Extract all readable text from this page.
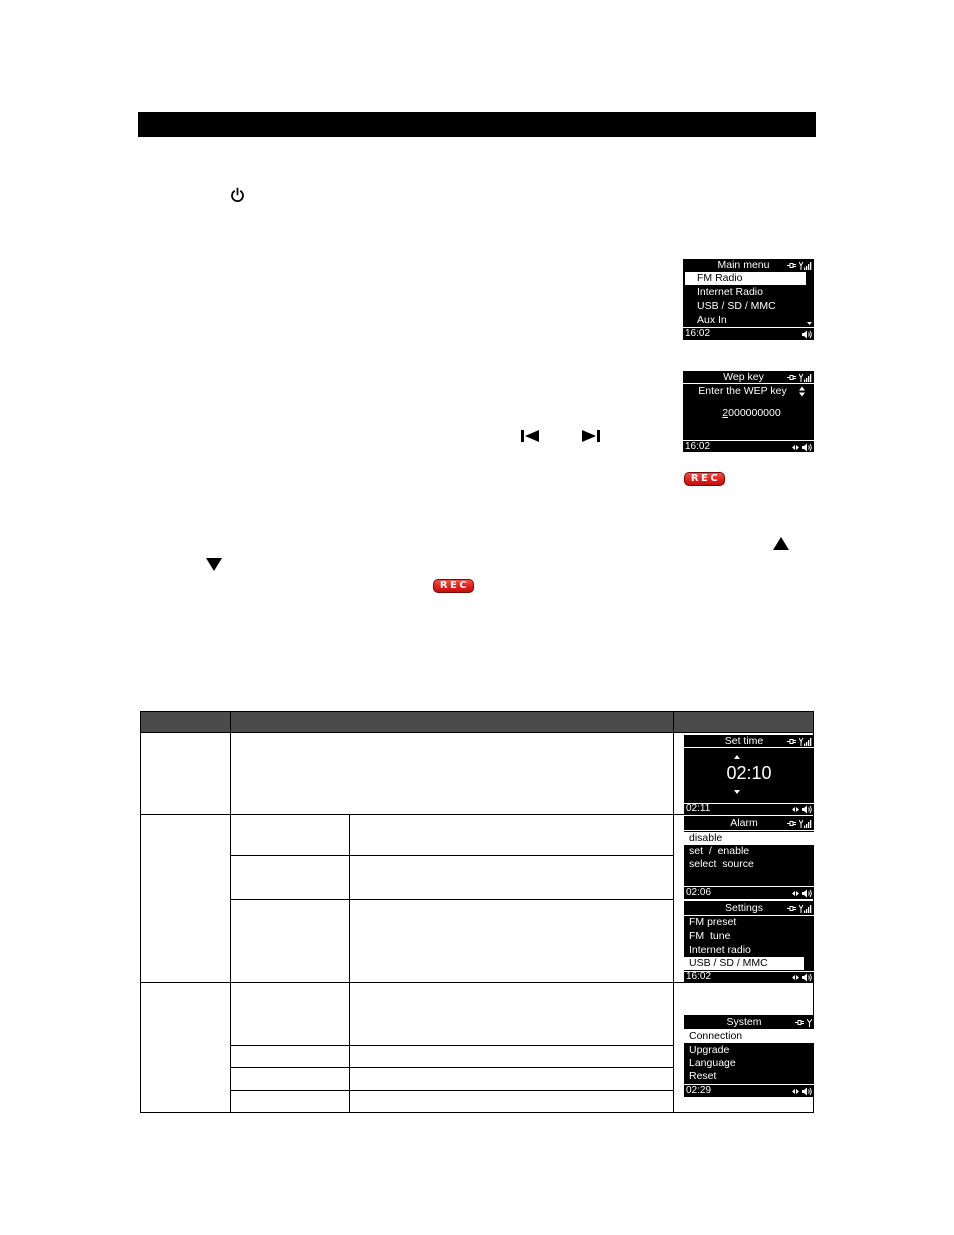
Main menu
FM Radio
Internet Radio
USB / SD / MMC
Aux In
16:02
Wep key
Enter the WEP key
2000000000
16:02
REC
REC
Set time
02:10
02:11
Alarm
disable
set  /  enable
select  source
02:06
Settings
FM preset
FM  tune
Internet radio
USB / SD / MMC
16:02
System
Connection
Upgrade
Language
Reset
02:29
